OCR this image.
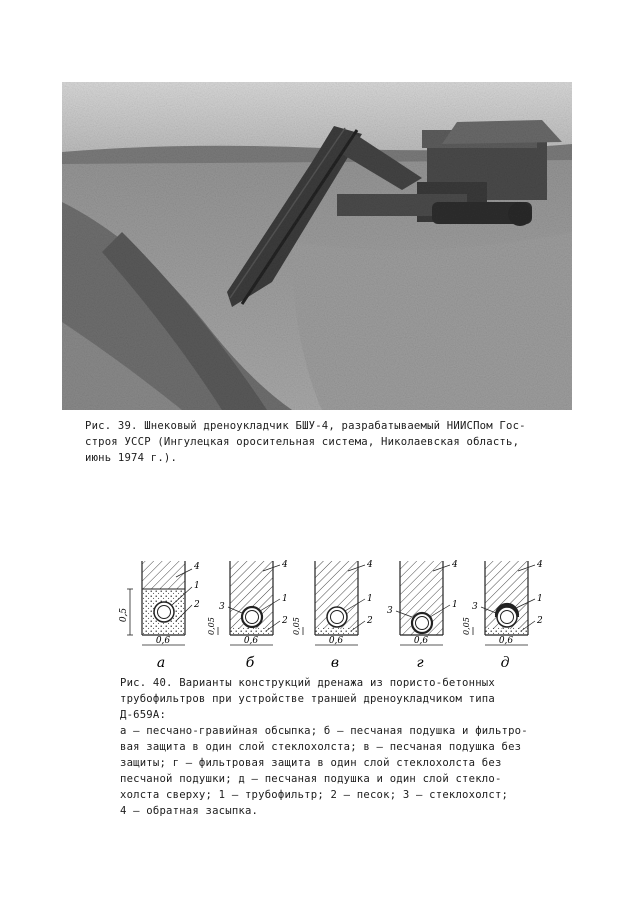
Рис. 39. Шнековый дреноукладчик БШУ-4, разрабатываемый НИИСПом Гос-
строя УССР (Ингулецкая оросительная система, Николаевская область,
июнь 1974 г.).
0,5
0,6
а
4
1
2
0,05
0,6
б
4
1
2
3
0,05
0,6
в
4
1
2
0,6
г
4
1
3
0,05
0,6
д
4
1
2
3
Рис. 40. Варианты конструкций дренажа из пористо-бетонных
трубофильтров при устройстве траншей дреноукладчиком типа
Д-659А:
а – песчано-гравийная обсыпка; б – песчаная подушка и фильтро-
вая защита в один слой стеклохолста; в – песчаная подушка без
защиты; г – фильтровая защита в один слой стеклохолста без
песчаной подушки; д – песчаная подушка и один слой стекло-
холста сверху; 1 – трубофильтр; 2 – песок; 3 – стеклохолст;
4 – обратная засыпка.
